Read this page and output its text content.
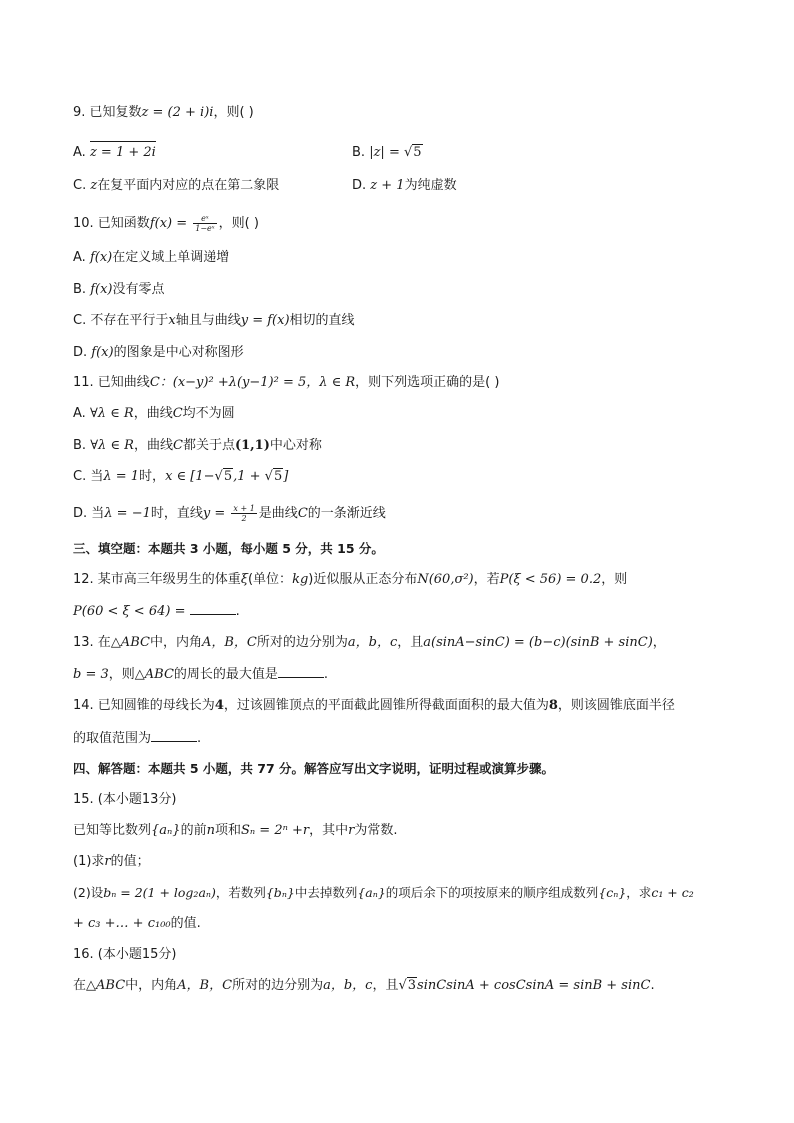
9. 已知复数z = (2 + i)i，则( )
A. z = 1 + 2i	B. |z| = √5
C. z在复平面内对应的点在第二象限	D. z + 1为纯虚数
10. 已知函数$f(x) = \frac{\text{eˣ}}{\text{1−eˣ}}$ ，则( )
A. f(x)在定义域上单调递增
B. f(x)没有零点
C. 不存在平行于x轴且与曲线y = f(x)相切的直线
D. f(x)的图象是中心对称图形
11. 已知曲线C：(x−y)² +λ(y−1)² = 5，λ ∈ R，则下列选项正确的是( )
A. ∀λ ∈ R，曲线C均不为圆
B. ∀λ ∈ R，曲线C都关于点(1,1)中心对称
C. 当λ = 1时，x ∈ [1−√5,1 + √5]
D. 当λ = −1时，直线$y = \frac{x + 1}{2}$ 是曲线C的一条渐近线
三、填空题：本题共 3 小题，每小题 5 分，共 15 分。
12. 某市高三年级男生的体重ξ(单位：kg)近似服从正态分布N(60,σ²)，若P(ξ < 56) = 0.2，则
P(60 < ξ < 64) =	.
13. 在△ABC中，内角A，B，C所对的边分别为a，b，c，且a(sinA−sinC) = (b−c)(sinB + sinC)，
b = 3，则△ABC的周长的最大值是	.
14. 已知圆锥的母线长为4，过该圆锥顶点的平面截此圆锥所得截面面积的最大值为8，则该圆锥底面半径
的取值范围为	.
四、解答题：本题共 5 小题，共 77 分。解答应写出文字说明，证明过程或演算步骤。
15. (本小题13分)
已知等比数列{aₙ}的前n项和Sₙ = 2ⁿ +r，其中r为常数.
(1)求r的值；
(2)设bₙ = 2(1 + log₂aₙ)，若数列{bₙ}中去掉数列{aₙ}的项后余下的项按原来的顺序组成数列{cₙ}，求c₁ + c₂
+ c₃ +… + c₁₀₀的值.
16. (本小题15分)
在△ABC中，内角A，B，C所对的边分别为a，b，c，且√3sinCsinA + cosCsinA = sinB + sinC.
